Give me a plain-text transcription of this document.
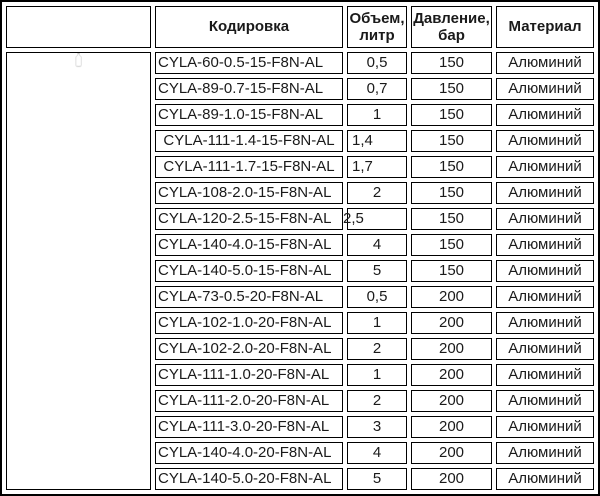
	Кодировка	Объем, литр	Давление, бар	Материал

	CYLA-60-0.5-15-F8N-AL	0,5	150	Алюминий
	CYLA-89-0.7-15-F8N-AL	0,7	150	Алюминий
	CYLA-89-1.0-15-F8N-AL	1	150	Алюминий
	CYLA-111-1.4-15-F8N-AL	1,4	150	Алюминий
	CYLA-111-1.7-15-F8N-AL	1,7	150	Алюминий
	CYLA-108-2.0-15-F8N-AL	2	150	Алюминий
	CYLA-120-2.5-15-F8N-AL	2,5	150	Алюминий
	CYLA-140-4.0-15-F8N-AL	4	150	Алюминий
	CYLA-140-5.0-15-F8N-AL	5	150	Алюминий
	CYLA-73-0.5-20-F8N-AL	0,5	200	Алюминий
	CYLA-102-1.0-20-F8N-AL	1	200	Алюминий
	CYLA-102-2.0-20-F8N-AL	2	200	Алюминий
	CYLA-111-1.0-20-F8N-AL	1	200	Алюминий
	CYLA-111-2.0-20-F8N-AL	2	200	Алюминий
	CYLA-111-3.0-20-F8N-AL	3	200	Алюминий
	CYLA-140-4.0-20-F8N-AL	4	200	Алюминий
	CYLA-140-5.0-20-F8N-AL	5	200	Алюминий
